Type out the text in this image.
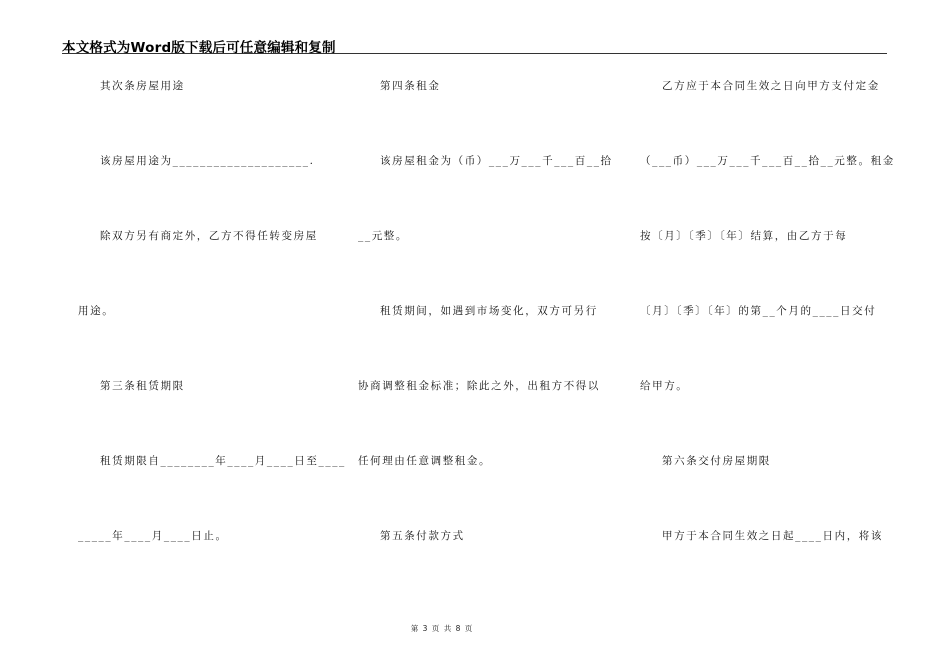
本文格式为Word版下载后可任意编辑和复制
其次条房屋用途
该房屋用途为____________________.
除双方另有商定外，乙方不得任转变房屋
用途。
第三条租赁期限
租赁期限自________年____月____日至____
_____年____月____日止。
第四条租金
该房屋租金为（币）___万___千___百__拾
__元整。
租赁期间，如遇到市场变化，双方可另行
协商调整租金标准；除此之外，出租方不得以
任何理由任意调整租金。
第五条付款方式
乙方应于本合同生效之日向甲方支付定金
（___币）___万___千___百__拾__元整。租金
按〔月〕〔季〕〔年〕结算，由乙方于每
〔月〕〔季〕〔年〕的第__个月的____日交付
给甲方。
第六条交付房屋期限
甲方于本合同生效之日起____日内，将该
第 3 页 共 8 页
